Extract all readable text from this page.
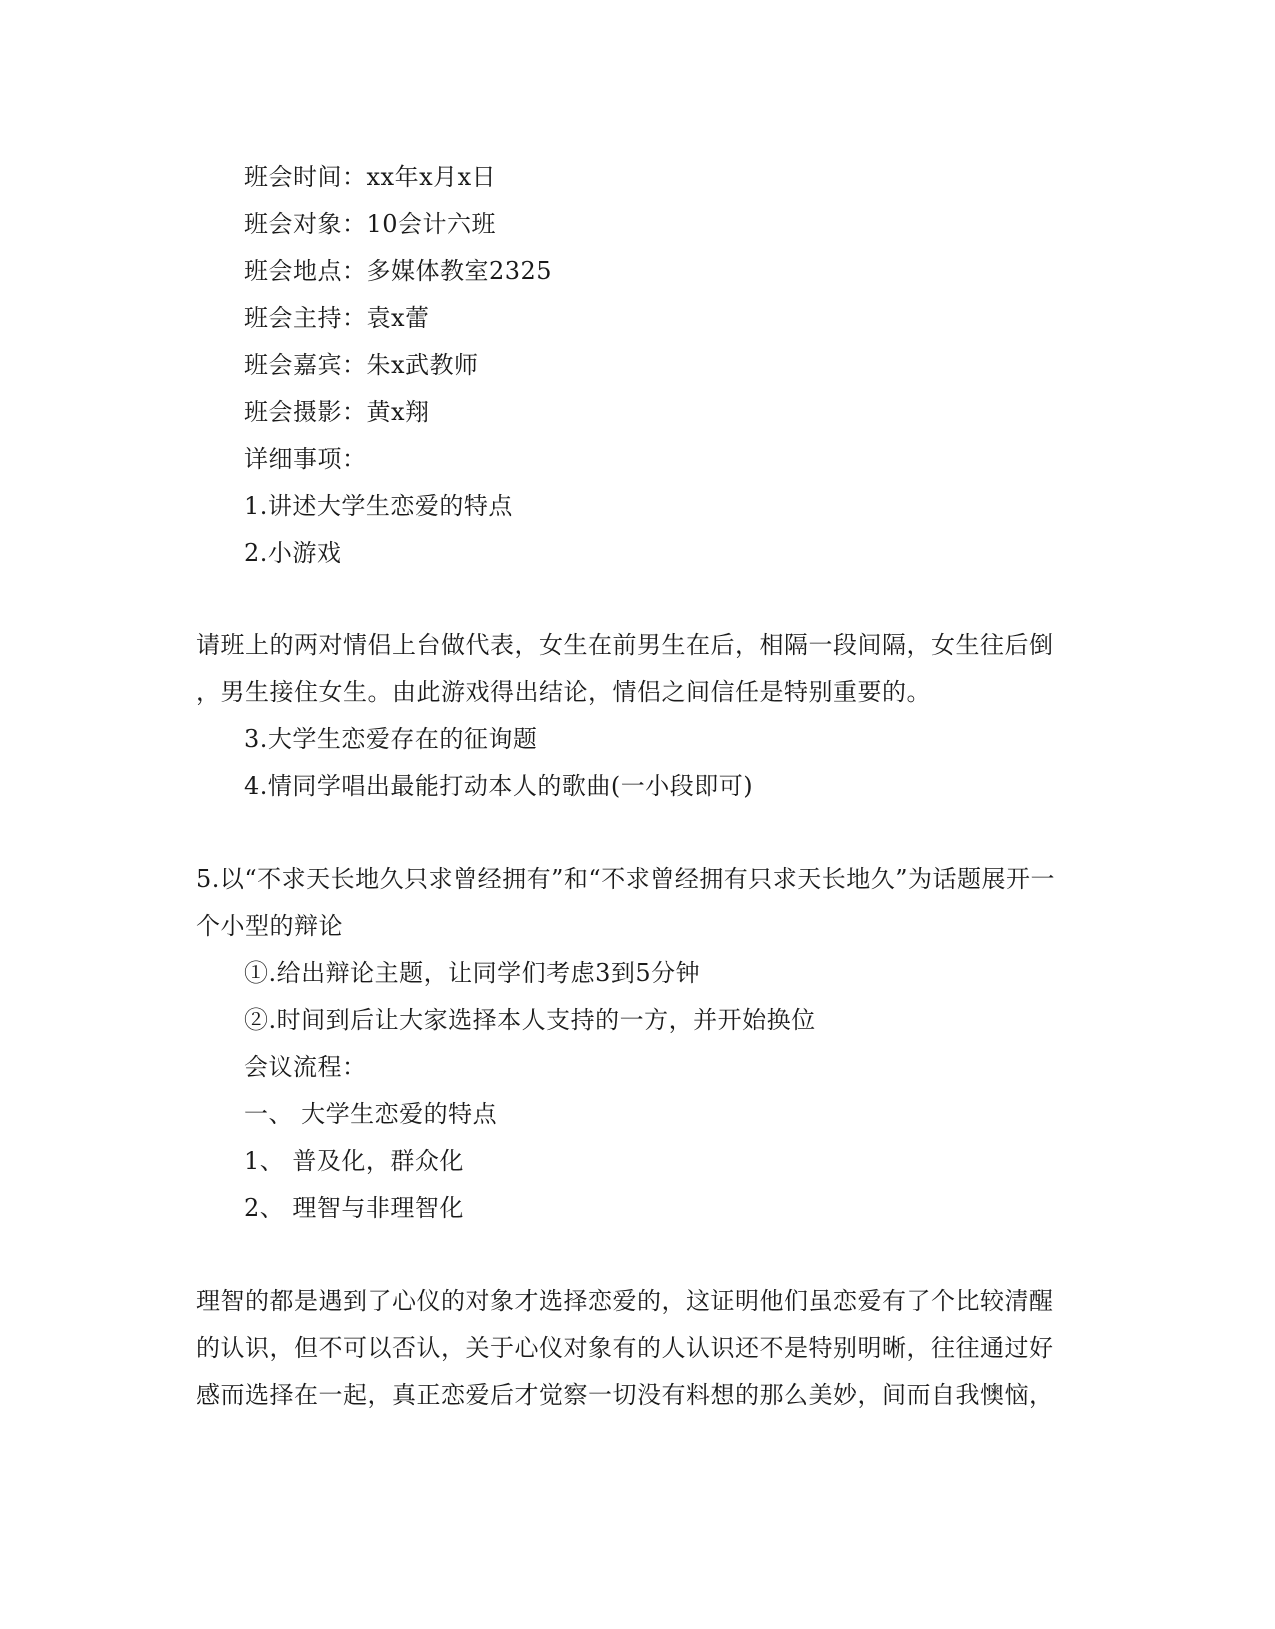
班会时间：xx年x月x日
班会对象：10会计六班
班会地点：多媒体教室2325
班会主持：袁x蕾
班会嘉宾：朱x武教师
班会摄影：黄x翔
详细事项：
1.讲述大学生恋爱的特点
2.小游戏
请班上的两对情侣上台做代表，女生在前男生在后，相隔一段间隔，女生往后倒
，男生接住女生。由此游戏得出结论，情侣之间信任是特别重要的。
3.大学生恋爱存在的征询题
4.情同学唱出最能打动本人的歌曲(一小段即可)
5.以“不求天长地久只求曾经拥有”和“不求曾经拥有只求天长地久”为话题展开一
个小型的辩论
①.给出辩论主题，让同学们考虑3到5分钟
②.时间到后让大家选择本人支持的一方，并开始换位
会议流程：
一、 大学生恋爱的特点
1、 普及化，群众化
2、 理智与非理智化
理智的都是遇到了心仪的对象才选择恋爱的，这证明他们虽恋爱有了个比较清醒
的认识，但不可以否认，关于心仪对象有的人认识还不是特别明晰，往往通过好
感而选择在一起，真正恋爱后才觉察一切没有料想的那么美妙，间而自我懊恼，
